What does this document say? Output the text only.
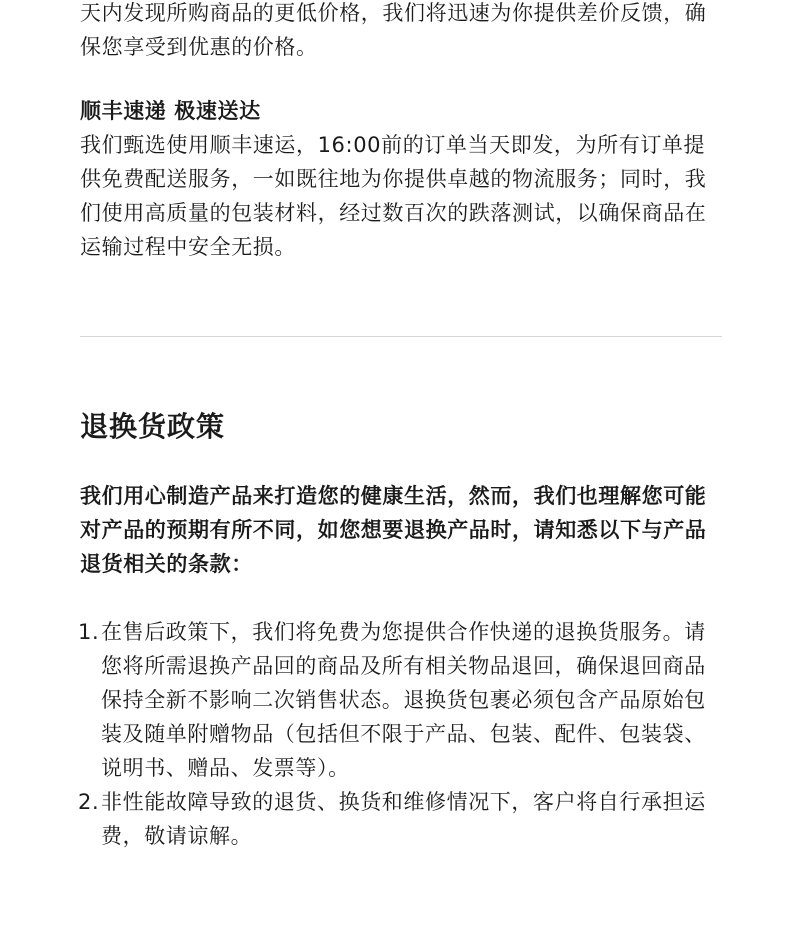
天内发现所购商品的更低价格，我们将迅速为你提供差价反馈，确保您享受到优惠的价格。

顺丰速递 极速送达

我们甄选使用顺丰速运，16:00前的订单当天即发，为所有订单提供免费配送服务，一如既往地为你提供卓越的物流服务；同时，我们使用高质量的包装材料，经过数百次的跌落测试，以确保商品在运输过程中安全无损。

退换货政策

我们用心制造产品来打造您的健康生活，然而，我们也理解您可能对产品的预期有所不同，如您想要退换产品时，请知悉以下与产品退货相关的条款：

1. 在售后政策下，我们将免费为您提供合作快递的退换货服务。请您将所需退换产品回的商品及所有相关物品退回，确保退回商品保持全新不影响二次销售状态。退换货包裹必须包含产品原始包装及随单附赠物品（包括但不限于产品、包装、配件、包装袋、说明书、赠品、发票等）。
2. 非性能故障导致的退货、换货和维修情况下，客户将自行承担运费，敬请谅解。
